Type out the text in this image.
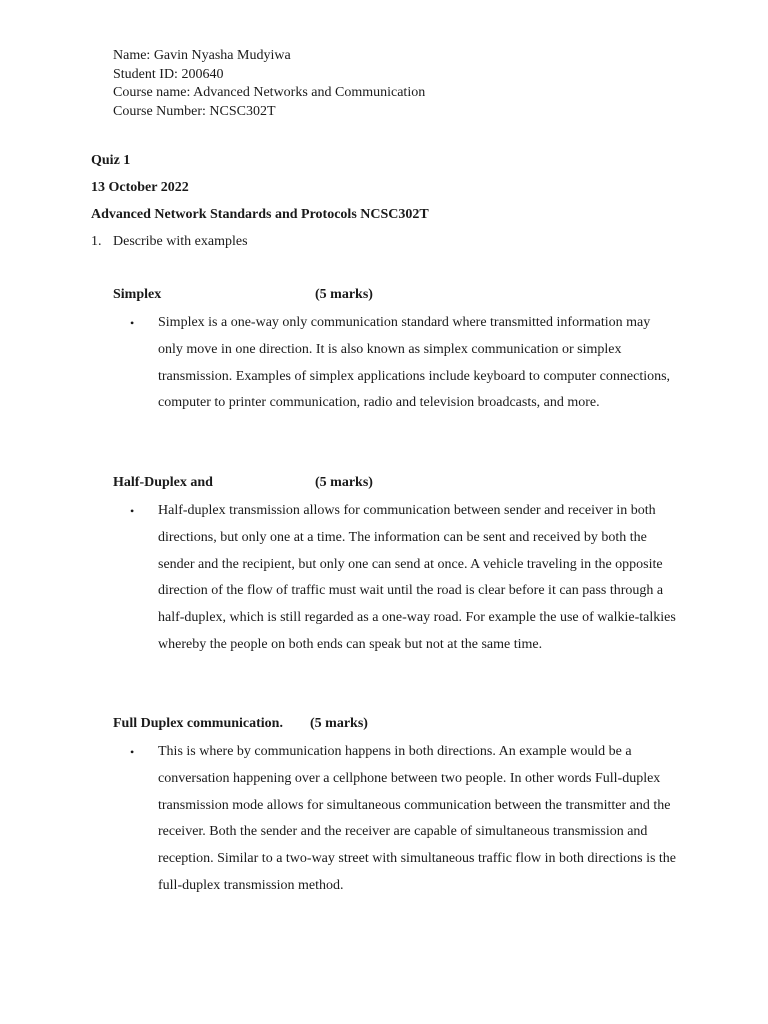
Name: Gavin Nyasha Mudyiwa
Student ID: 200640
Course name: Advanced Networks and Communication
Course Number: NCSC302T
Quiz 1
13 October 2022
Advanced Network Standards and Protocols NCSC302T
1. Describe with examples
Simplex	(5 marks)
•	Simplex is a one-way only communication standard where transmitted information may only move in one direction. It is also known as simplex communication or simplex transmission. Examples of simplex applications include keyboard to computer connections, computer to printer communication, radio and television broadcasts, and more.
Half-Duplex and	(5 marks)
•	Half-duplex transmission allows for communication between sender and receiver in both directions, but only one at a time. The information can be sent and received by both the sender and the recipient, but only one can send at once. A vehicle traveling in the opposite direction of the flow of traffic must wait until the road is clear before it can pass through a half-duplex, which is still regarded as a one-way road. For example the use of walkie-talkies whereby the people on both ends can speak but not at the same time.
Full Duplex communication. (5 marks)
•	This is where by communication happens in both directions. An example would be a conversation happening over a cellphone between two people. In other words Full-duplex transmission mode allows for simultaneous communication between the transmitter and the receiver. Both the sender and the receiver are capable of simultaneous transmission and reception. Similar to a two-way street with simultaneous traffic flow in both directions is the full-duplex transmission method.
